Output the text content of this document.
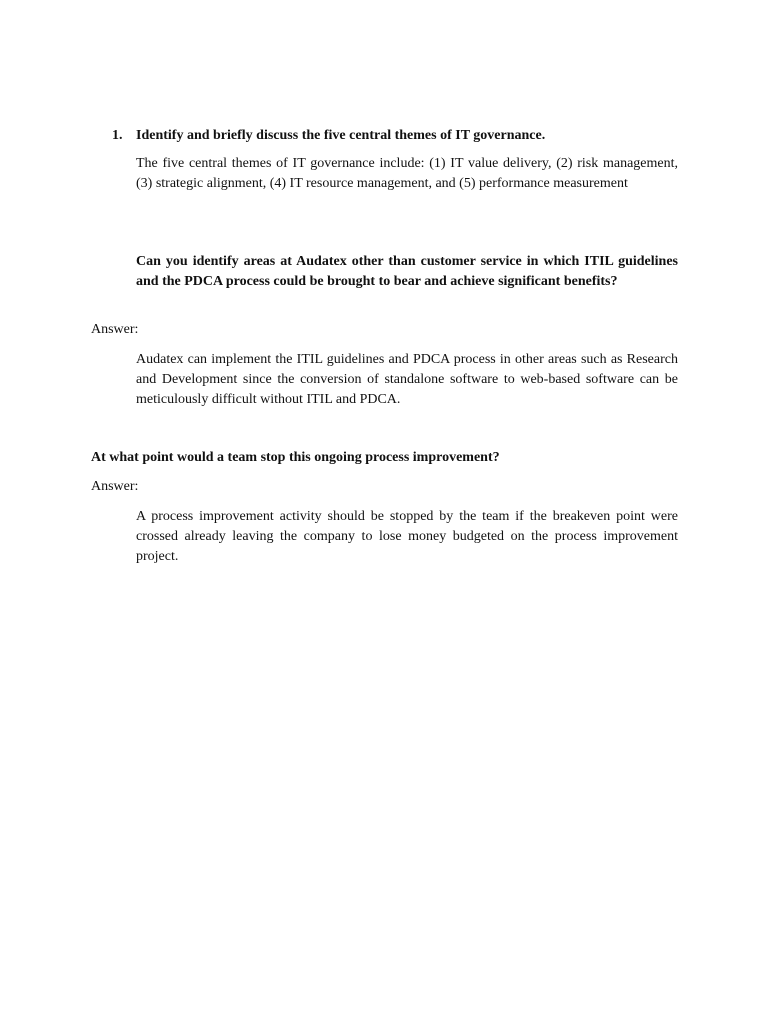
1. Identify and briefly discuss the five central themes of IT governance.
The five central themes of IT governance include: (1) IT value delivery, (2) risk management, (3) strategic alignment, (4) IT resource management, and (5) performance measurement
Can you identify areas at Audatex other than customer service in which ITIL guidelines and the PDCA process could be brought to bear and achieve significant benefits?
Answer:
Audatex can implement the ITIL guidelines and PDCA process in other areas such as Research and Development since the conversion of standalone software to web-based software can be meticulously difficult without ITIL and PDCA.
At what point would a team stop this ongoing process improvement?
Answer:
A process improvement activity should be stopped by the team if the breakeven point were crossed already leaving the company to lose money budgeted on the process improvement project.
